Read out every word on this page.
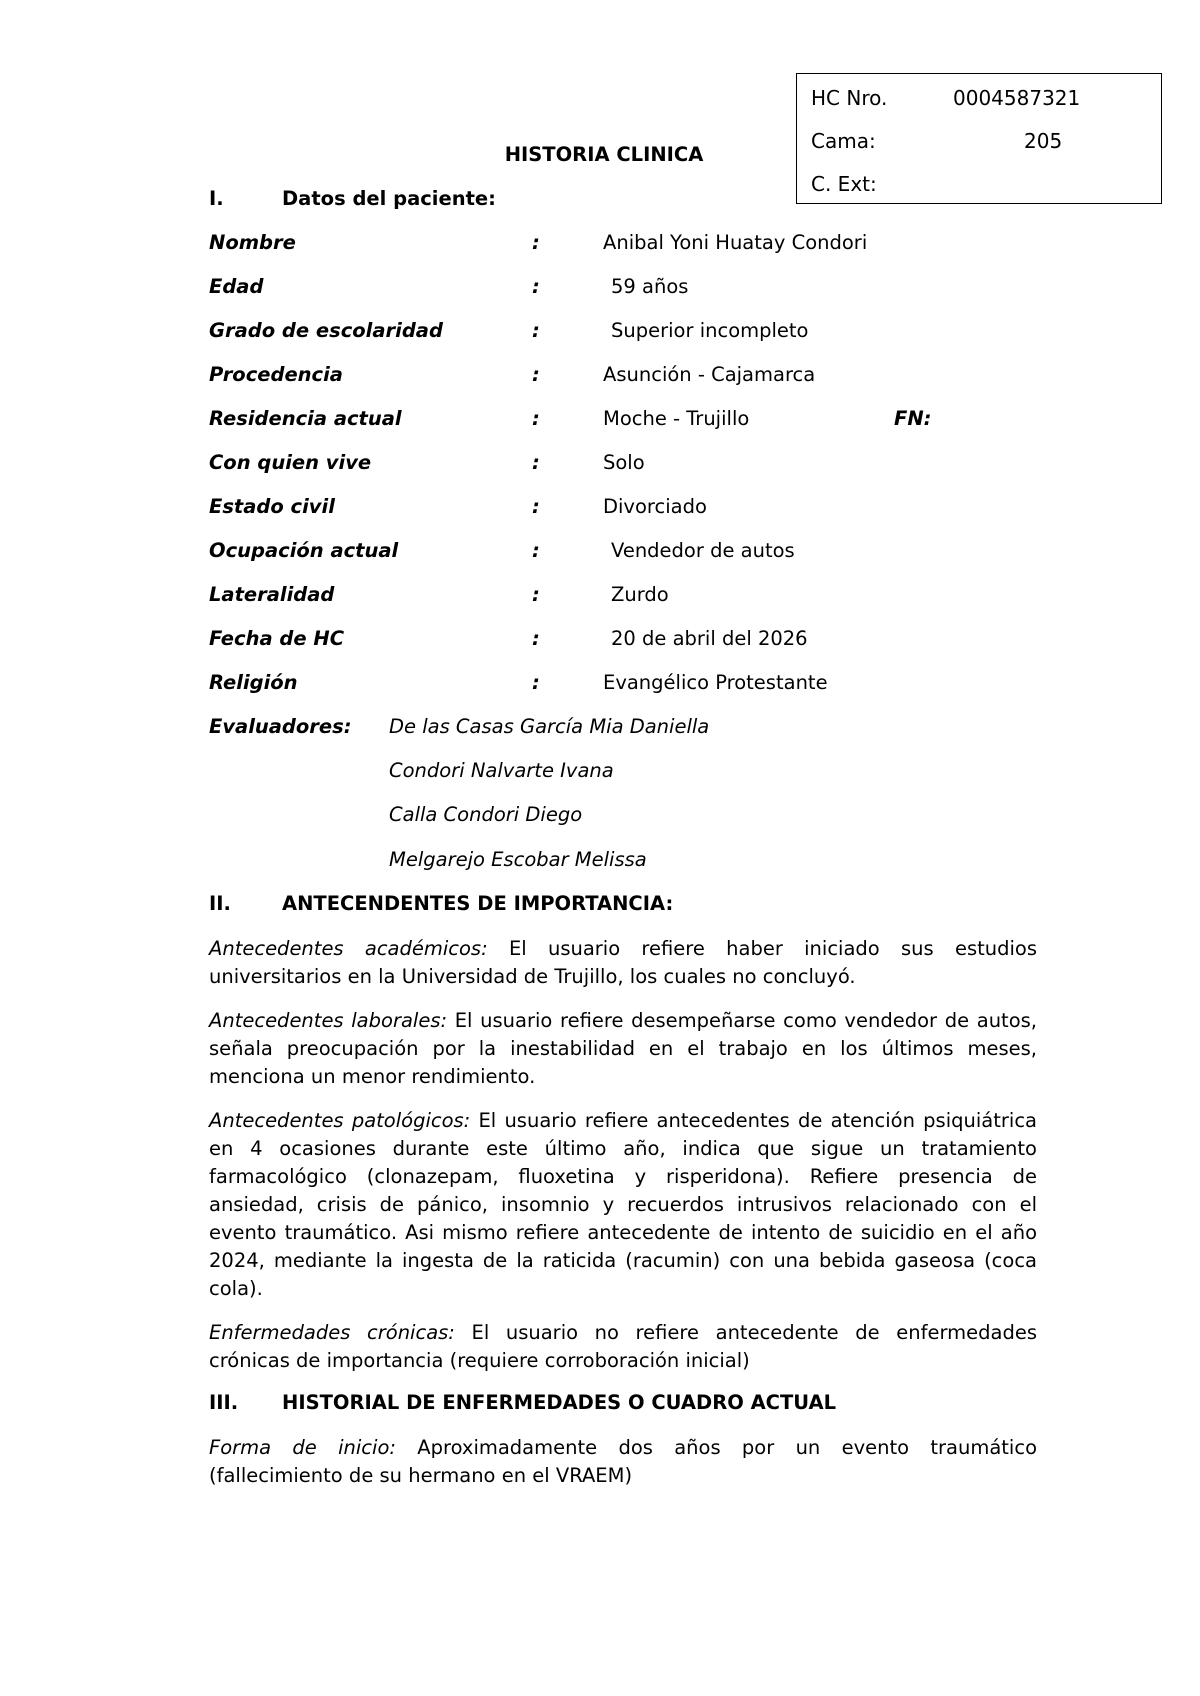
HC Nro.	0004587321
Cama:	205
C. Ext:
HISTORIA CLINICA
I.	Datos del paciente:
Nombre	:	Anibal Yoni Huatay Condori
Edad	:	59 años
Grado de escolaridad	:	Superior incompleto
Procedencia	:	Asunción - Cajamarca
Residencia actual	:	Moche - Trujillo	FN:
Con quien vive	:	Solo
Estado civil	:	Divorciado
Ocupación actual	:	Vendedor de autos
Lateralidad	:	Zurdo
Fecha de HC	:	20 de abril del 2026
Religión	:	Evangélico Protestante
Evaluadores: De las Casas García Mia Daniella
Condori Nalvarte Ivana
Calla Condori Diego
Melgarejo Escobar Melissa
II.	ANTECENDENTES DE IMPORTANCIA:

Antecedentes académicos: El usuario refiere haber iniciado sus estudios universitarios en la Universidad de Trujillo, los cuales no concluyó.

Antecedentes laborales: El usuario refiere desempeñarse como vendedor de autos, señala preocupación por la inestabilidad en el trabajo en los últimos meses, menciona un menor rendimiento.

Antecedentes patológicos: El usuario refiere antecedentes de atención psiquiátrica en 4 ocasiones durante este último año, indica que sigue un tratamiento farmacológico (clonazepam, fluoxetina y risperidona). Refiere presencia de ansiedad, crisis de pánico, insomnio y recuerdos intrusivos relacionado con el evento traumático. Asi mismo refiere antecedente de intento de suicidio en el año 2024, mediante la ingesta de la raticida (racumin) con una bebida gaseosa (coca cola).

Enfermedades crónicas: El usuario no refiere antecedente de enfermedades crónicas de importancia (requiere corroboración inicial)

III. HISTORIAL DE ENFERMEDADES O CUADRO ACTUAL

Forma de inicio: Aproximadamente dos años por un evento traumático (fallecimiento de su hermano en el VRAEM)
